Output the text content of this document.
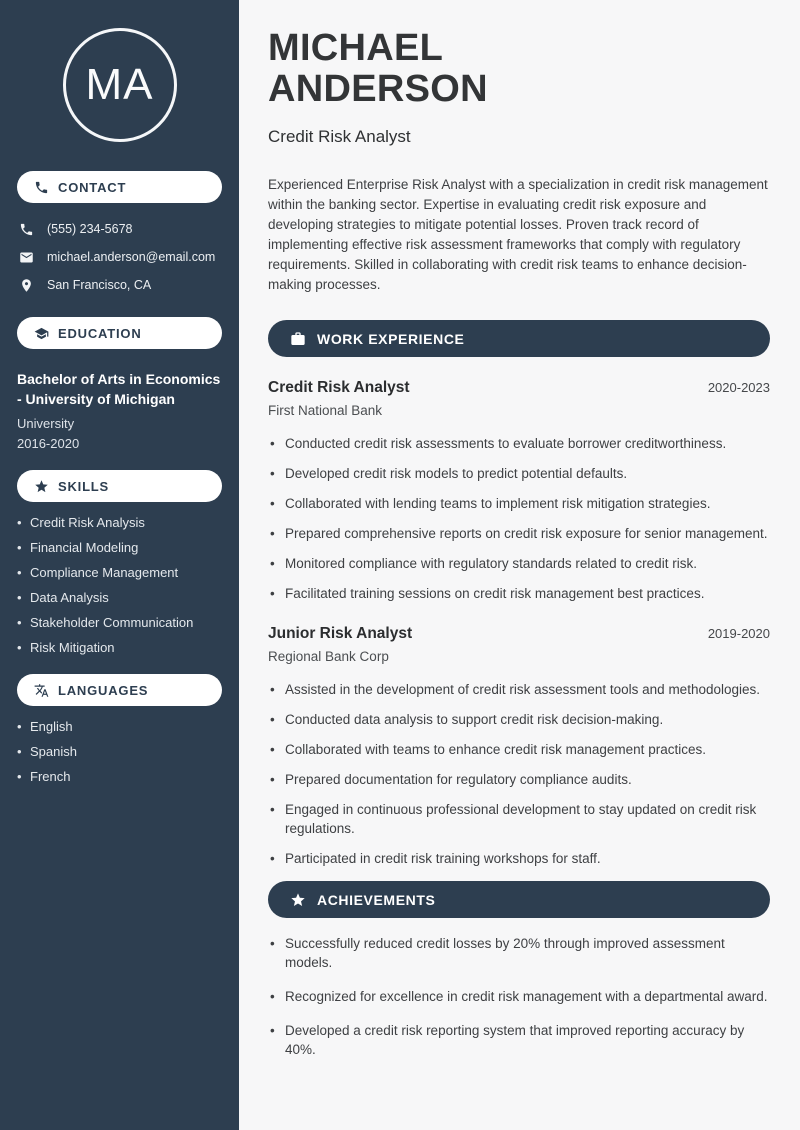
MA
CONTACT
(555) 234-5678
michael.anderson@email.com
San Francisco, CA
EDUCATION
Bachelor of Arts in Economics - University of Michigan
University
2016-2020
SKILLS
• Credit Risk Analysis
• Financial Modeling
• Compliance Management
• Data Analysis
• Stakeholder Communication
• Risk Mitigation
LANGUAGES
• English
• Spanish
• French
MICHAEL
ANDERSON
Credit Risk Analyst

Experienced Enterprise Risk Analyst with a specialization in credit risk management within the banking sector. Expertise in evaluating credit risk exposure and developing strategies to mitigate potential losses. Proven track record of implementing effective risk assessment frameworks that comply with regulatory requirements. Skilled in collaborating with credit risk teams to enhance decision-making processes.

WORK EXPERIENCE
Credit Risk Analyst	2020-2023
First National Bank
• Conducted credit risk assessments to evaluate borrower creditworthiness.
• Developed credit risk models to predict potential defaults.
• Collaborated with lending teams to implement risk mitigation strategies.
• Prepared comprehensive reports on credit risk exposure for senior management.
• Monitored compliance with regulatory standards related to credit risk.
• Facilitated training sessions on credit risk management best practices.
Junior Risk Analyst	2019-2020
Regional Bank Corp
• Assisted in the development of credit risk assessment tools and methodologies.
• Conducted data analysis to support credit risk decision-making.
• Collaborated with teams to enhance credit risk management practices.
• Prepared documentation for regulatory compliance audits.
• Engaged in continuous professional development to stay updated on credit risk regulations.
• Participated in credit risk training workshops for staff.
ACHIEVEMENTS
• Successfully reduced credit losses by 20% through improved assessment models.
• Recognized for excellence in credit risk management with a departmental award.
• Developed a credit risk reporting system that improved reporting accuracy by 40%.
